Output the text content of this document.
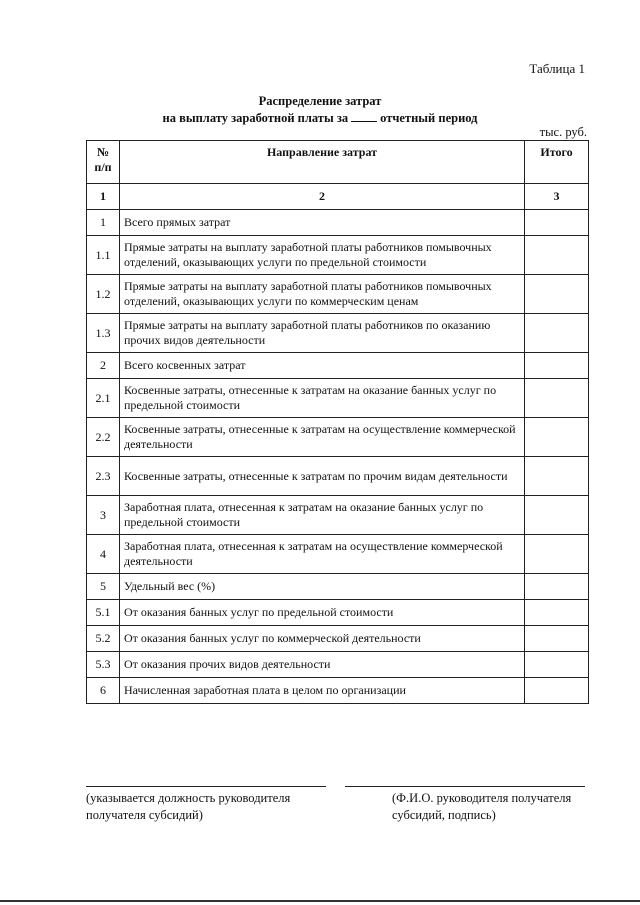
Таблица 1
Распределение затрат
на выплату заработной платы за	отчетный период
тыс. руб.
№ п/п	Направление затрат	Итого
1	2	3
1	Всего прямых затрат	
1.1	Прямые затраты на выплату заработной платы работников помывочных отделений, оказывающих услуги по предельной стоимости	
1.2	Прямые затраты на выплату заработной платы работников помывочных отделений, оказывающих услуги по коммерческим ценам	
1.3	Прямые затраты на выплату заработной платы работников по оказанию прочих видов деятельности	
2	Всего косвенных затрат	
2.1	Косвенные затраты, отнесенные к затратам на оказание банных услуг по предельной стоимости	
2.2	Косвенные затраты, отнесенные к затратам на осуществление коммерческой деятельности	
2.3	Косвенные затраты, отнесенные к затратам по прочим видам деятельности	
3	Заработная плата, отнесенная к затратам на оказание банных услуг по предельной стоимости	
4	Заработная плата, отнесенная к затратам на осуществление коммерческой деятельности	
5	Удельный вес (%)	
5.1	От оказания банных услуг по предельной стоимости	
5.2	От оказания банных услуг по коммерческой деятельности	
5.3	От оказания прочих видов деятельности	
6	Начисленная заработная плата в целом по организации	
(указывается должность руководителя получателя субсидий)
(Ф.И.О. руководителя получателя субсидий, подпись)
